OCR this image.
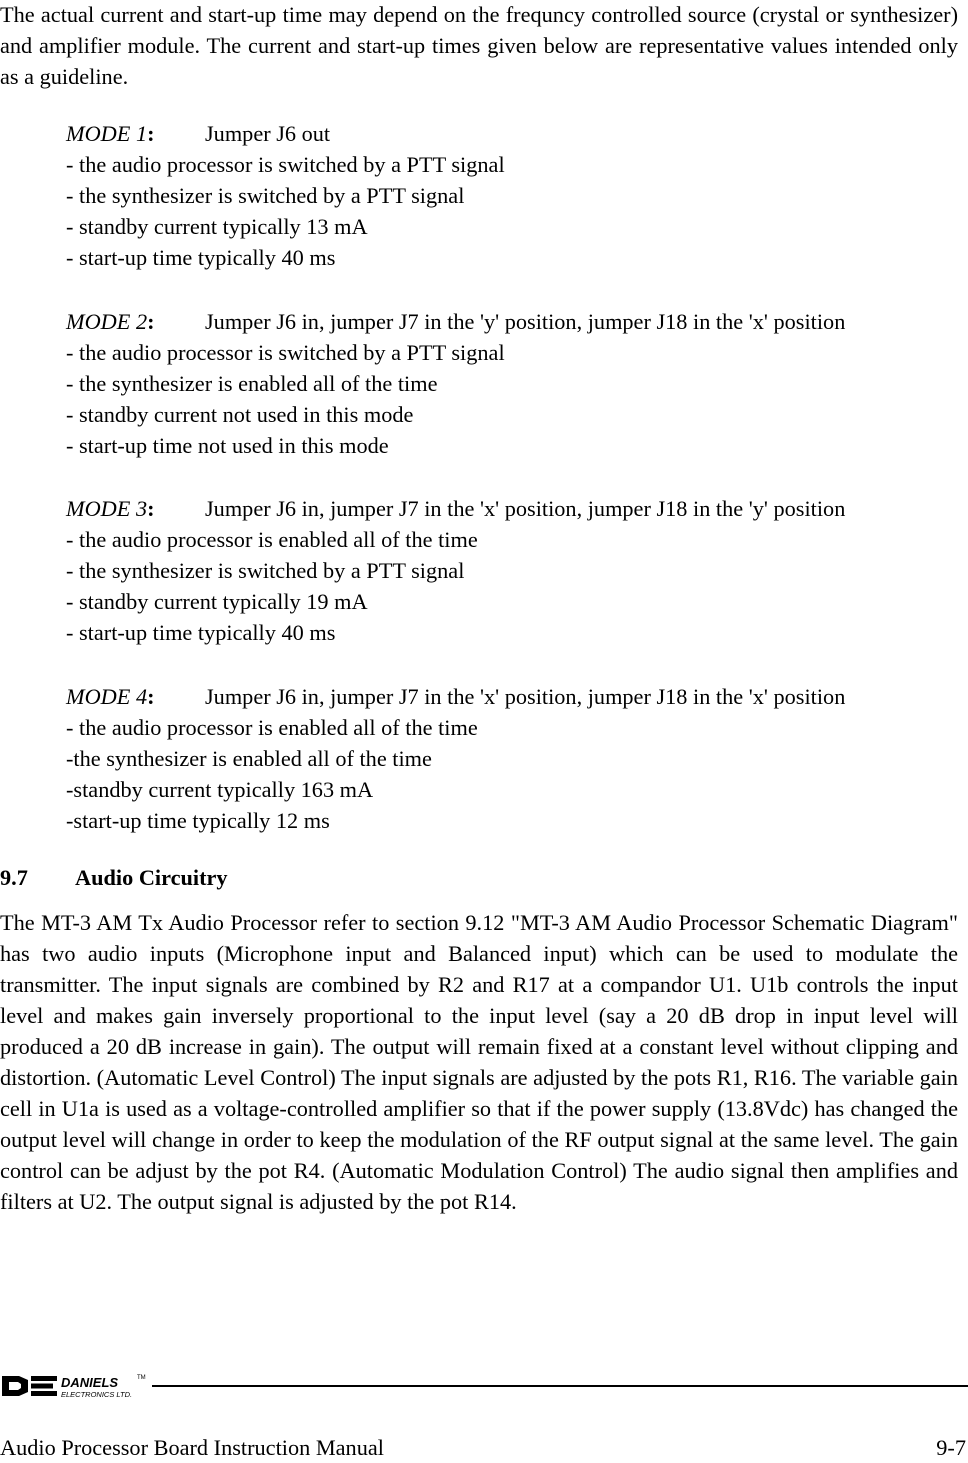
The actual current and start-up time may depend on the frequncy controlled source (crystal or synthesizer) and amplifier module. The current and start-up times given below are representative values intended only as a guideline.

MODE 1: Jumper J6 out
- the audio processor is switched by a PTT signal
- the synthesizer is switched by a PTT signal
- standby current typically 13 mA
- start-up time typically 40 ms
MODE 2: Jumper J6 in, jumper J7 in the 'y' position, jumper J18 in the 'x' position
- the audio processor is switched by a PTT signal
- the synthesizer is enabled all of the time
- standby current not used in this mode
- start-up time not used in this mode
MODE 3: Jumper J6 in, jumper J7 in the 'x' position, jumper J18 in the 'y' position
- the audio processor is enabled all of the time
- the synthesizer is switched by a PTT signal
- standby current typically 19 mA
- start-up time typically 40 ms
MODE 4: Jumper J6 in, jumper J7 in the 'x' position, jumper J18 in the 'x' position
- the audio processor is enabled all of the time
-the synthesizer is enabled all of the time
-standby current typically 163 mA
-start-up time typically 12 ms
9.7 Audio Circuitry

The MT-3 AM Tx Audio Processor refer to section 9.12 "MT-3 AM Audio Processor Schematic Diagram" has two audio inputs (Microphone input and Balanced input) which can be used to modulate the transmitter. The input signals are combined by R2 and R17 at a compandor U1. U1b controls the input level and makes gain inversely proportional to the input level (say a 20 dB drop in input level will produced a 20 dB increase in gain). The output will remain fixed at a constant level without clipping and distortion. (Automatic Level Control) The input signals are adjusted by the pots R1, R16. The variable gain cell in U1a is used as a voltage-controlled amplifier so that if the power supply (13.8Vdc) has changed the output level will change in order to keep the modulation of the RF output signal at the same level. The gain control can be adjust by the pot R4. (Automatic Modulation Control) The audio signal then amplifies and filters at U2. The output signal is adjusted by the pot R14.

DANIELS	TM
ELECTRONICS LTD.
Audio Processor Board Instruction Manual	9-7
